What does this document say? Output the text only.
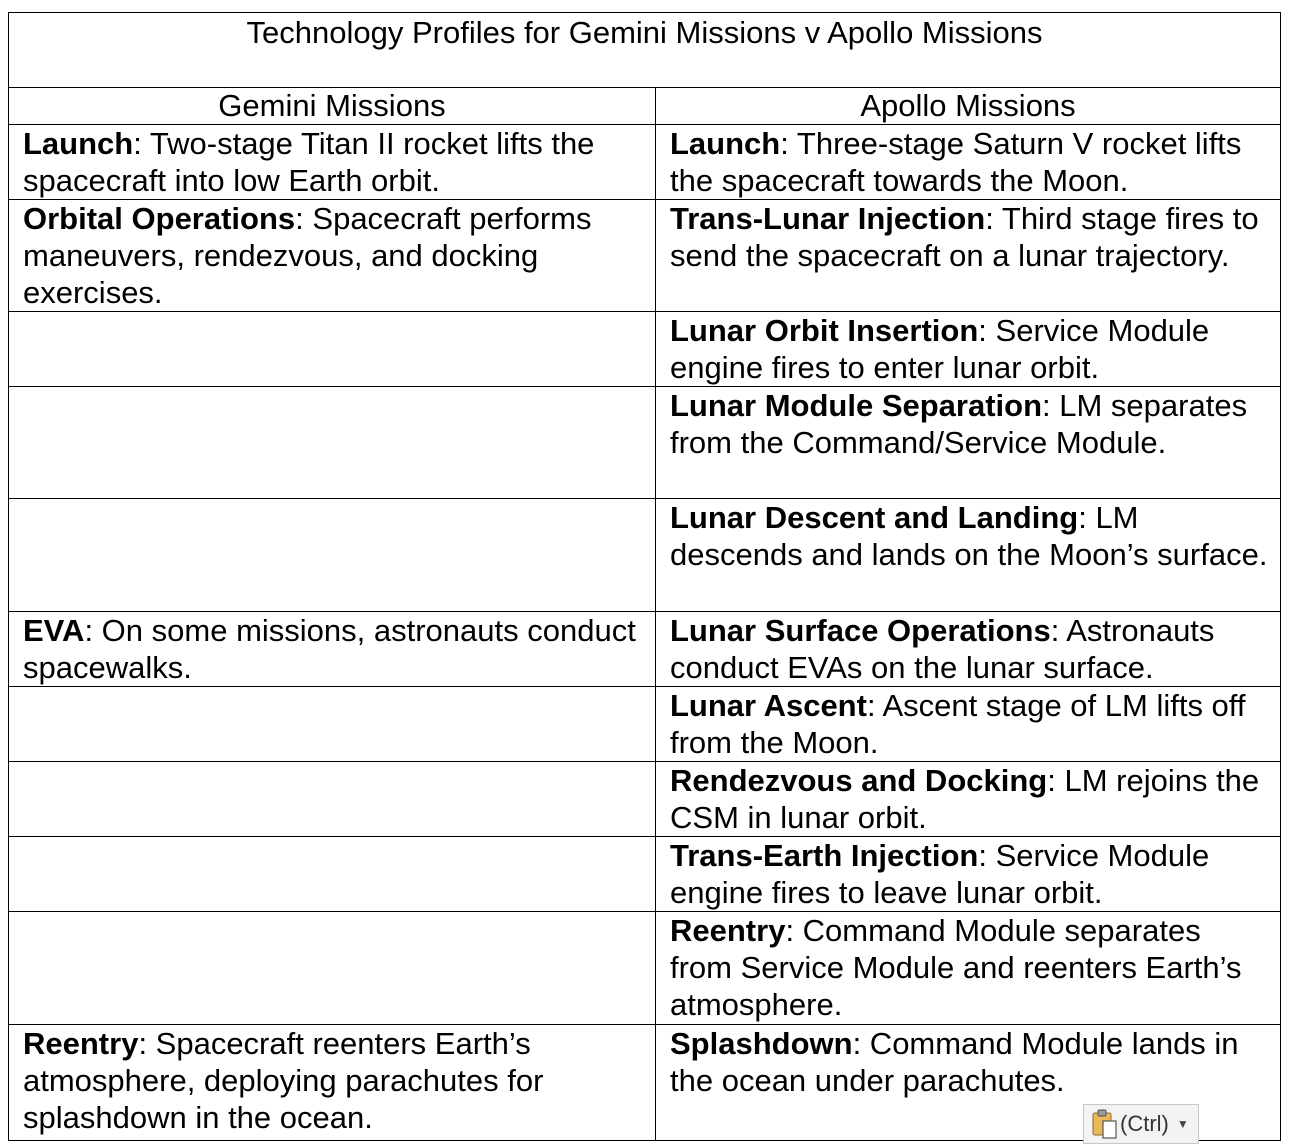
Technology Profiles for Gemini Missions v Apollo Missions	
Gemini Missions	Apollo Missions
Launch: Two-stage Titan II rocket lifts the spacecraft into low Earth orbit.	Launch: Three-stage Saturn V rocket lifts the spacecraft towards the Moon.
Orbital Operations: Spacecraft performs maneuvers, rendezvous, and docking exercises.	Trans-Lunar Injection: Third stage fires to send the spacecraft on a lunar trajectory.
	Lunar Orbit Insertion: Service Module engine fires to enter lunar orbit.
	Lunar Module Separation: LM separates from the Command/Service Module.
	Lunar Descent and Landing: LM descends and lands on the Moon’s surface.
EVA: On some missions, astronauts conduct spacewalks.	Lunar Surface Operations: Astronauts conduct EVAs on the lunar surface.
	Lunar Ascent: Ascent stage of LM lifts off from the Moon.
	Rendezvous and Docking: LM rejoins the CSM in lunar orbit.
	Trans-Earth Injection: Service Module engine fires to leave lunar orbit.
	Reentry: Command Module separates from Service Module and reenters Earth’s atmosphere.
Reentry: Spacecraft reenters Earth’s atmosphere, deploying parachutes for splashdown in the ocean.	Splashdown: Command Module lands in the ocean under parachutes.
(Ctrl) ▼
